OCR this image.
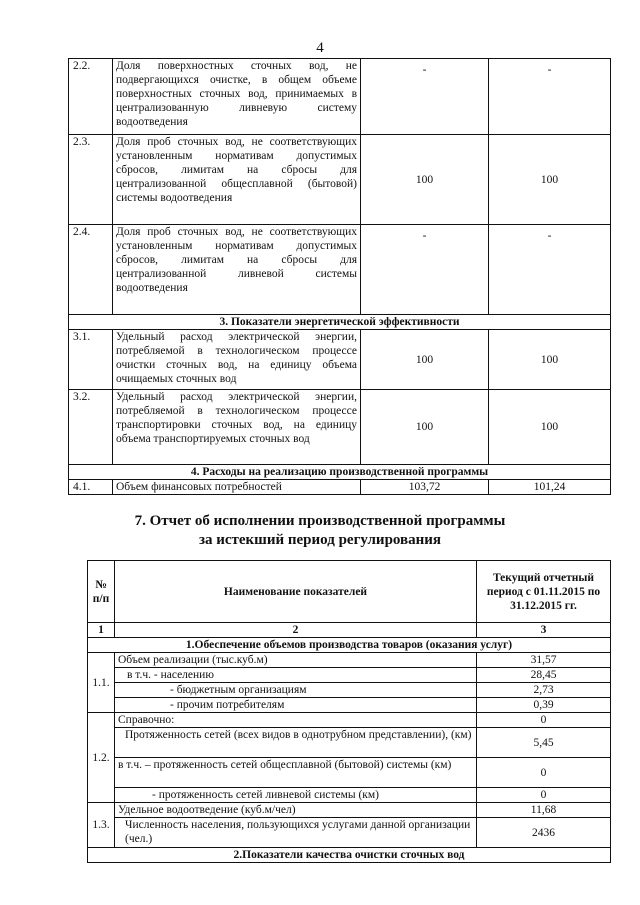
4
2.2.	Доля поверхностных сточных вод, не подвергающихся очистке, в общем объеме поверхностных сточных вод, принимаемых в централизованную ливневую систему водоотведения	-	-
2.3.	Доля проб сточных вод, не соответствующих установленным нормативам допустимых сбросов, лимитам на сбросы для централизованной общесплавной (бытовой) системы водоотведения	100	100
2.4.	Доля проб сточных вод, не соответствующих установленным нормативам допустимых сбросов, лимитам на сбросы для централизованной ливневой системы водоотведения	-	-
3. Показатели энергетической эффективности			
3.1.	Удельный расход электрической энергии, потребляемой в технологическом процессе очистки сточных вод, на единицу объема очищаемых сточных вод	100	100
3.2.	Удельный расход электрической энергии, потребляемой в технологическом процессе транспортировки сточных вод, на единицу объема транспортируемых сточных вод	100	100
4. Расходы на реализацию производственной программы			
4.1.	Объем финансовых потребностей	103,72	101,24
7. Отчет об исполнении производственной программы
за истекший период регулирования
№ п/п	Наименование показателей	Текущий отчетный период с 01.11.2015 по 31.12.2015 гг.
1	2	3
1.Обеспечение объемов производства товаров (оказания услуг)		
1.1.	Объем реализации (тыс.куб.м)	31,57
	в т.ч. - населению	28,45
	- бюджетным организациям	2,73
	- прочим потребителям	0,39
1.2.	Справочно:	0
	Протяженность сетей (всех видов в однотрубном представлении), (км)	5,45
	в т.ч. – протяженность сетей общесплавной (бытовой) системы (км)	0
	- протяженность сетей ливневой системы (км)	0
1.3.	Удельное водоотведение (куб.м/чел)	11,68
	Численность населения, пользующихся услугами данной организации (чел.)	2436
2.Показатели качества очистки сточных вод		
